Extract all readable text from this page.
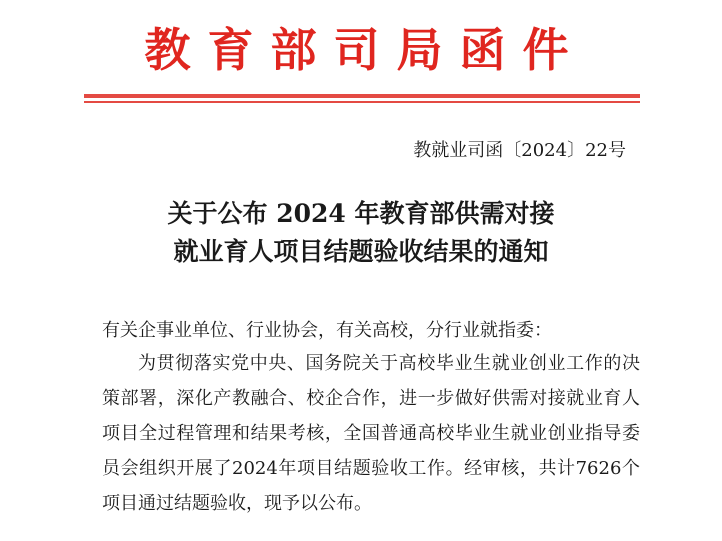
教育部司局函件
教就业司函〔2024〕22号
关于公布 2024 年教育部供需对接
就业育人项目结题验收结果的通知
有关企事业单位、行业协会，有关高校，分行业就指委：
为贯彻落实党中央、国务院关于高校毕业生就业创业工作的决策部署，深化产教融合、校企合作，进一步做好供需对接就业育人项目全过程管理和结果考核，全国普通高校毕业生就业创业指导委员会组织开展了2024年项目结题验收工作。经审核，共计7626个项目通过结题验收，现予以公布。
